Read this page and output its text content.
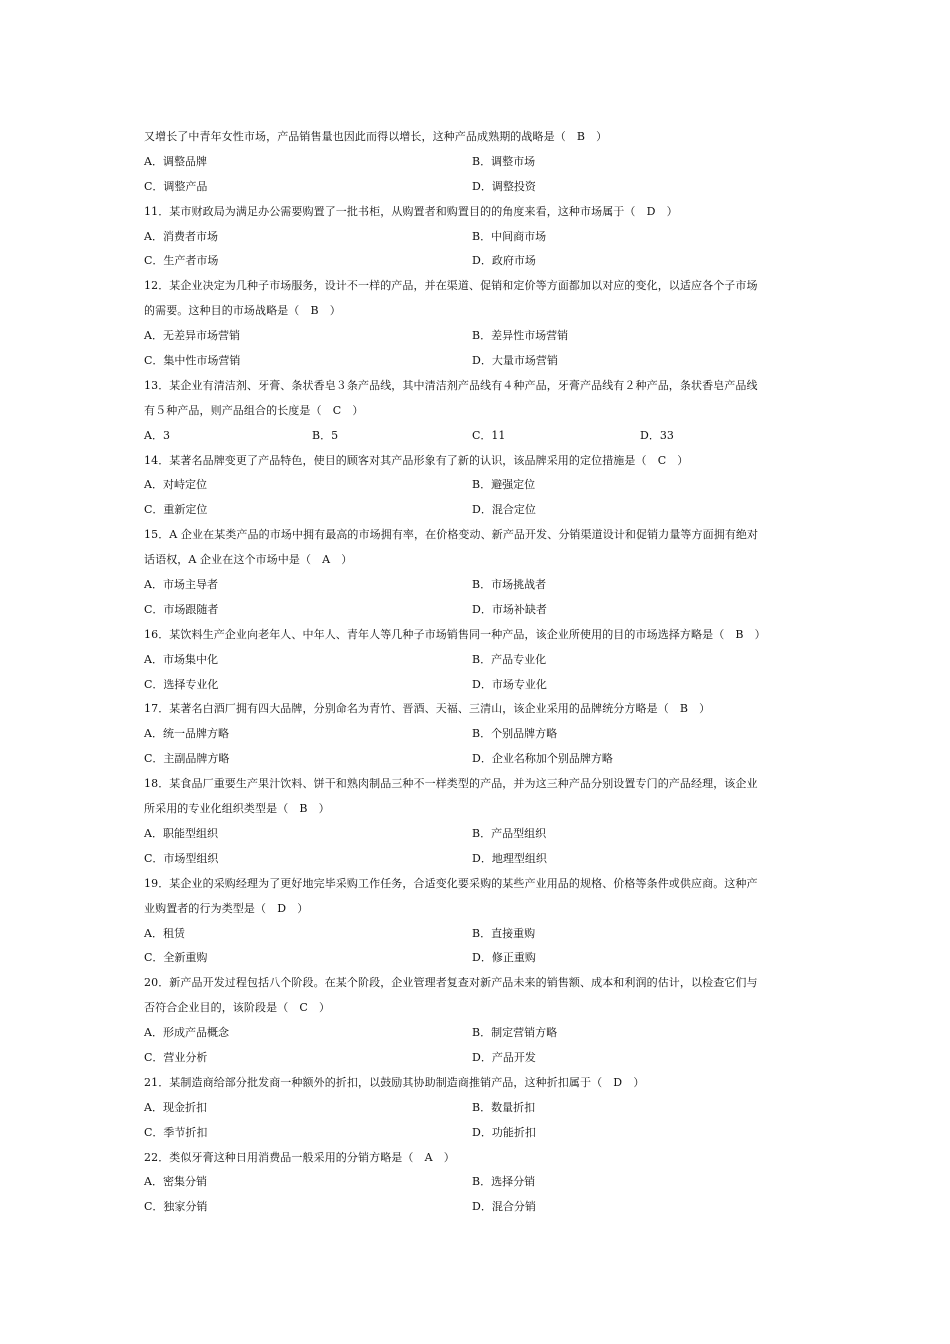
又增长了中青年女性市场，产品销售量也因此而得以增长，这种产品成熟期的战略是（　B　）
A．调整品牌	B．调整市场
C．调整产品	D．调整投资
11．某市财政局为满足办公需要购置了一批书柜，从购置者和购置目的的角度来看，这种市场属于（　D　）
A．消费者市场	B．中间商市场
C．生产者市场	D．政府市场
12．某企业决定为几种子市场服务，设计不一样的产品，并在渠道、促销和定价等方面都加以对应的变化，以适应各个子市场
的需要。这种目的市场战略是（　B　）
A．无差异市场营销	B．差异性市场营销
C．集中性市场营销	D．大量市场营销
13．某企业有清洁剂、牙膏、条状香皂３条产品线，其中清洁剂产品线有４种产品，牙膏产品线有２种产品，条状香皂产品线
有５种产品，则产品组合的长度是（　C　）
A．3	B．5	C．11	D．33
14．某著名品牌变更了产品特色，使目的顾客对其产品形象有了新的认识，该品牌采用的定位措施是（　C　）
A．对峙定位	B．避强定位
C．重新定位	D．混合定位
15．A 企业在某类产品的市场中拥有最高的市场拥有率，在价格变动、新产品开发、分销渠道设计和促销力量等方面拥有绝对
话语权，A 企业在这个市场中是（　A　）
A．市场主导者	B．市场挑战者
C．市场跟随者	D．市场补缺者
16．某饮料生产企业向老年人、中年人、青年人等几种子市场销售同一种产品，该企业所使用的目的市场选择方略是（　B　）
A．市场集中化	B．产品专业化
C．选择专业化	D．市场专业化
17．某著名白酒厂拥有四大品牌，分别命名为青竹、晋酒、天福、三清山，该企业采用的品牌统分方略是（　B　）
A．统一品牌方略	B．个别品牌方略
C．主副品牌方略	D．企业名称加个别品牌方略
18．某食品厂重要生产果汁饮料、饼干和熟肉制品三种不一样类型的产品，并为这三种产品分别设置专门的产品经理，该企业
所采用的专业化组织类型是（　B　）
A．职能型组织	B．产品型组织
C．市场型组织	D．地理型组织
19．某企业的采购经理为了更好地完毕采购工作任务，合适变化要采购的某些产业用品的规格、价格等条件或供应商。这种产
业购置者的行为类型是（　D　）
A．租赁	B．直接重购
C．全新重购	D．修正重购
20．新产品开发过程包括八个阶段。在某个阶段，企业管理者复查对新产品未来的销售额、成本和利润的估计，以检查它们与
否符合企业目的，该阶段是（　C　）
A．形成产品概念	B．制定营销方略
C．营业分析	D．产品开发
21．某制造商给部分批发商一种额外的折扣，以鼓励其协助制造商推销产品，这种折扣属于（　D　）
A．现金折扣	B．数量折扣
C．季节折扣	D．功能折扣
22．类似牙膏这种日用消费品一般采用的分销方略是（　A　）
A．密集分销	B．选择分销
C．独家分销	D．混合分销
